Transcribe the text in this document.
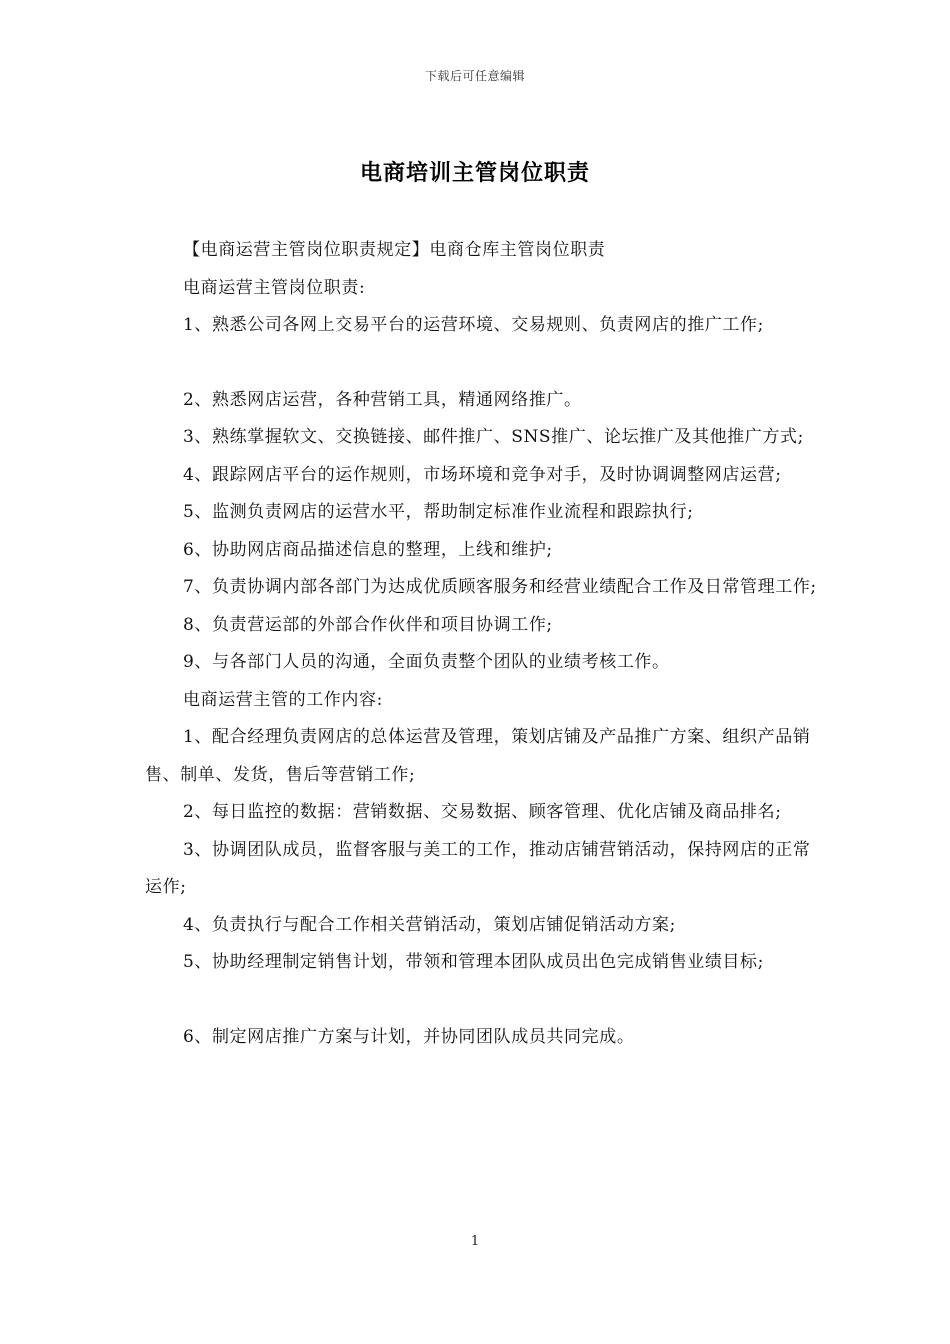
下载后可任意编辑
电商培训主管岗位职责

【电商运营主管岗位职责规定】电商仓库主管岗位职责

电商运营主管岗位职责:

1、熟悉公司各网上交易平台的运营环境、交易规则、负责网店的推广工作;

2、熟悉网店运营，各种营销工具，精通网络推广。

3、熟练掌握软文、交换链接、邮件推广、SNS推广、论坛推广及其他推广方式;

4、跟踪网店平台的运作规则，市场环境和竞争对手，及时协调调整网店运营;

5、监测负责网店的运营水平，帮助制定标准作业流程和跟踪执行;

6、协助网店商品描述信息的整理，上线和维护;

7、负责协调内部各部门为达成优质顾客服务和经营业绩配合工作及日常管理工作;

8、负责营运部的外部合作伙伴和项目协调工作;

9、与各部门人员的沟通，全面负责整个团队的业绩考核工作。

电商运营主管的工作内容:

1、配合经理负责网店的总体运营及管理，策划店铺及产品推广方案、组织产品销售、制单、发货，售后等营销工作;

2、每日监控的数据：营销数据、交易数据、顾客管理、优化店铺及商品排名;

3、协调团队成员，监督客服与美工的工作，推动店铺营销活动，保持网店的正常运作;

4、负责执行与配合工作相关营销活动，策划店铺促销活动方案;

5、协助经理制定销售计划，带领和管理本团队成员出色完成销售业绩目标;

6、制定网店推广方案与计划，并协同团队成员共同完成。

1
